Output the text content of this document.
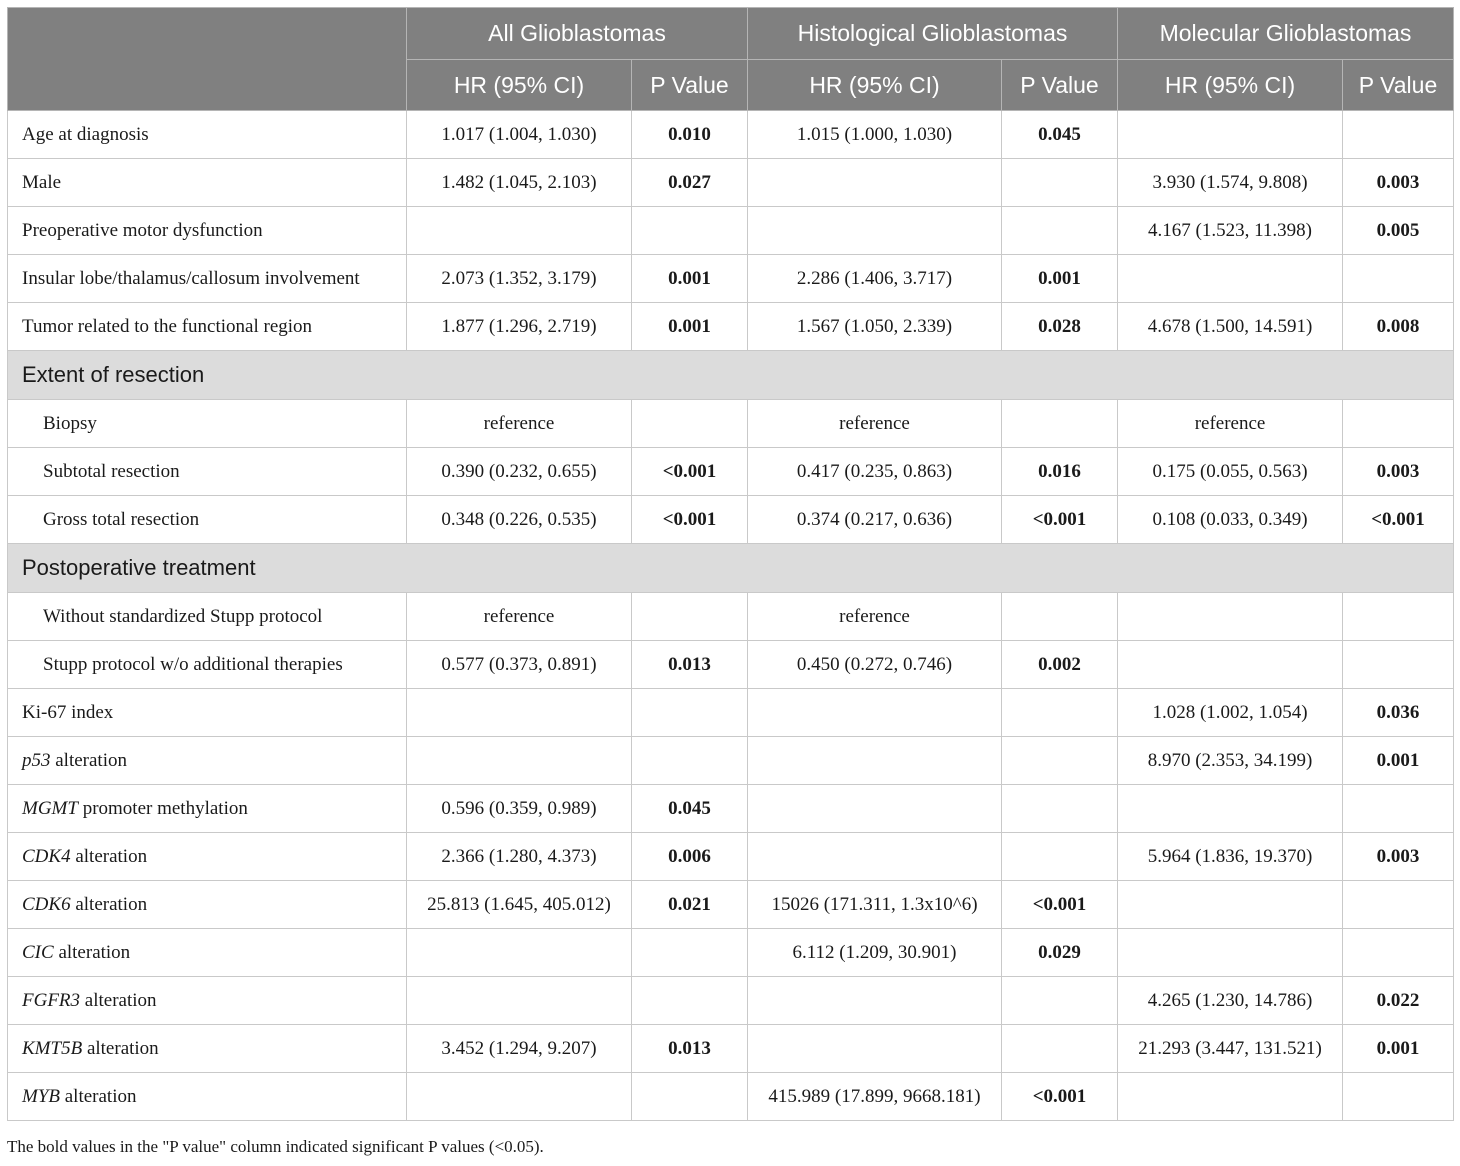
	All Glioblastomas		Histological Glioblastomas		Molecular Glioblastomas	
	HR (95% CI)	P Value	HR (95% CI)	P Value	HR (95% CI)	P Value
Age at diagnosis	1.017 (1.004, 1.030)	0.010	1.015 (1.000, 1.030)	0.045		
Male	1.482 (1.045, 2.103)	0.027			3.930 (1.574, 9.808)	0.003
Preoperative motor dysfunction					4.167 (1.523, 11.398)	0.005
Insular lobe/thalamus/callosum involvement	2.073 (1.352, 3.179)	0.001	2.286 (1.406, 3.717)	0.001		
Tumor related to the functional region	1.877 (1.296, 2.719)	0.001	1.567 (1.050, 2.339)	0.028	4.678 (1.500, 14.591)	0.008
Extent of resection						
Biopsy	reference		reference		reference	
Subtotal resection	0.390 (0.232, 0.655)	<0.001	0.417 (0.235, 0.863)	0.016	0.175 (0.055, 0.563)	0.003
Gross total resection	0.348 (0.226, 0.535)	<0.001	0.374 (0.217, 0.636)	<0.001	0.108 (0.033, 0.349)	<0.001
Postoperative treatment						
Without standardized Stupp protocol	reference		reference			
Stupp protocol w/o additional therapies	0.577 (0.373, 0.891)	0.013	0.450 (0.272, 0.746)	0.002		
Ki-67 index					1.028 (1.002, 1.054)	0.036
p53 alteration					8.970 (2.353, 34.199)	0.001
MGMT promoter methylation	0.596 (0.359, 0.989)	0.045				
CDK4 alteration	2.366 (1.280, 4.373)	0.006			5.964 (1.836, 19.370)	0.003
CDK6 alteration	25.813 (1.645, 405.012)	0.021	15026 (171.311, 1.3x10^6)	<0.001		
CIC alteration			6.112 (1.209, 30.901)	0.029		
FGFR3 alteration					4.265 (1.230, 14.786)	0.022
KMT5B alteration	3.452 (1.294, 9.207)	0.013			21.293 (3.447, 131.521)	0.001
MYB alteration			415.989 (17.899, 9668.181)	<0.001		
The bold values in the "P value" column indicated significant P values (<0.05).
